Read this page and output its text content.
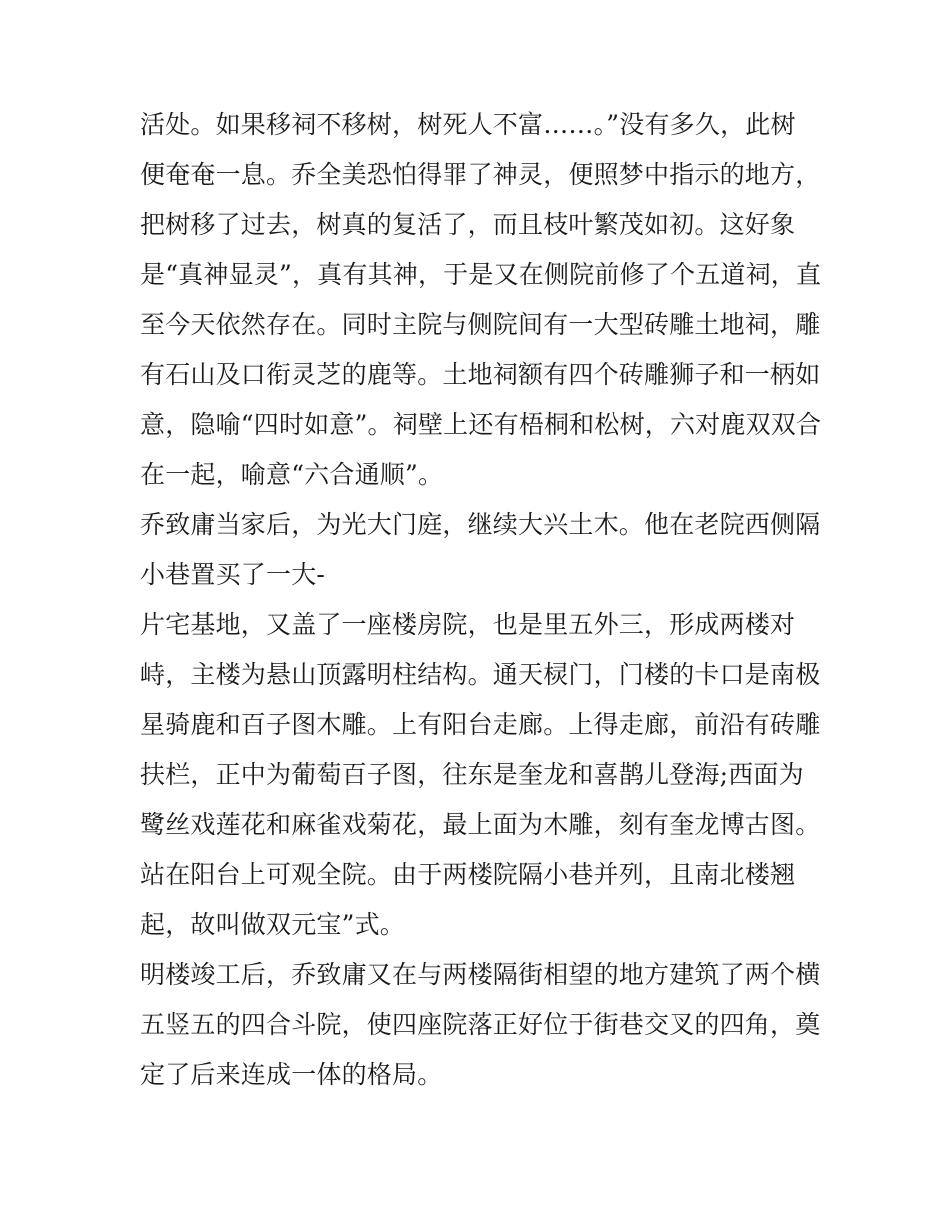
活处。如果移祠不移树，树死人不富……。”没有多久，此树
便奄奄一息。乔全美恐怕得罪了神灵，便照梦中指示的地方，
把树移了过去，树真的复活了，而且枝叶繁茂如初。这好象
是“真神显灵”，真有其神，于是又在侧院前修了个五道祠，直
至今天依然存在。同时主院与侧院间有一大型砖雕土地祠，雕
有石山及口衔灵芝的鹿等。土地祠额有四个砖雕狮子和一柄如
意，隐喻“四时如意”。祠壁上还有梧桐和松树，六对鹿双双合
在一起，喻意“六合通顺”。
乔致庸当家后，为光大门庭，继续大兴土木。他在老院西侧隔
小巷置买了一大-
片宅基地，又盖了一座楼房院，也是里五外三，形成两楼对
峙，主楼为悬山顶露明柱结构。通天棂门，门楼的卡口是南极
星骑鹿和百子图木雕。上有阳台走廊。上得走廊，前沿有砖雕
扶栏，正中为葡萄百子图，往东是奎龙和喜鹊儿登海;西面为
鹭丝戏莲花和麻雀戏菊花，最上面为木雕，刻有奎龙博古图。
站在阳台上可观全院。由于两楼院隔小巷并列，且南北楼翘
起，故叫做双元宝”式。
明楼竣工后，乔致庸又在与两楼隔街相望的地方建筑了两个横
五竖五的四合斗院，使四座院落正好位于街巷交叉的四角，奠
定了后来连成一体的格局。
